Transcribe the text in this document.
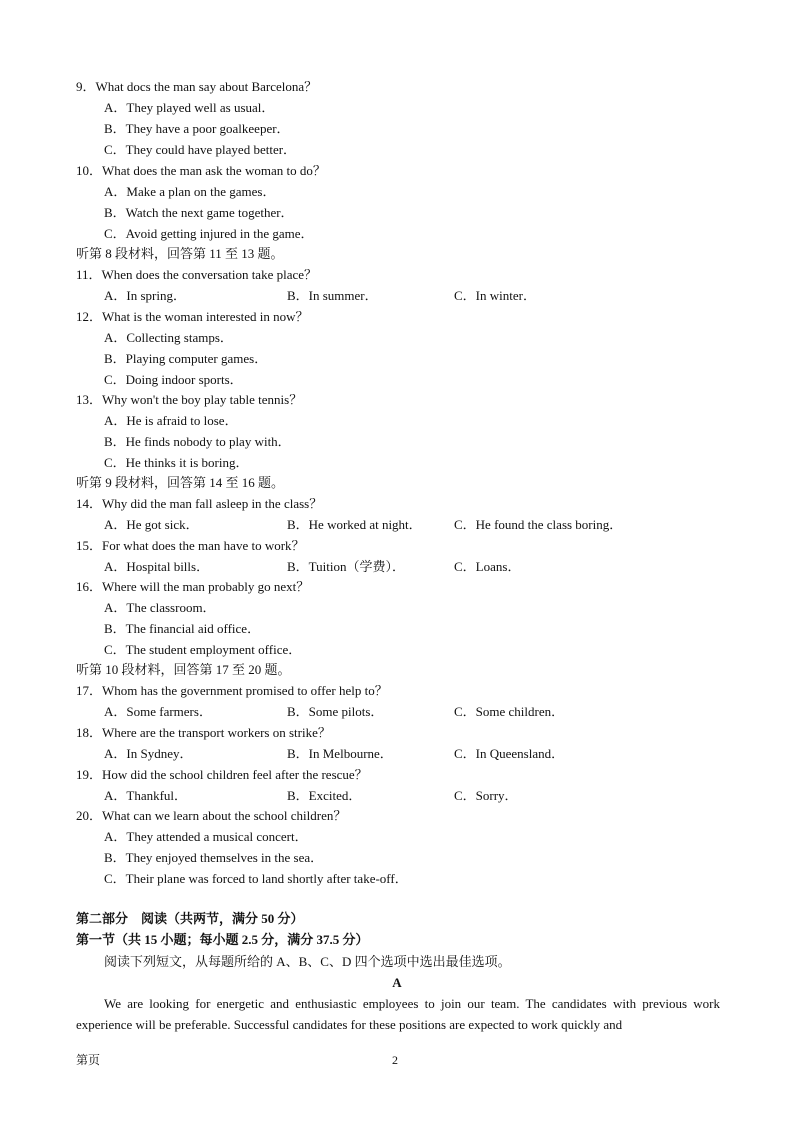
9．What docs the man say about Barcelona？
A．They played well as usual．
B．They have a poor goalkeeper．
C．They could have played better．
10．What does the man ask the woman to do？
A．Make a plan on the games．
B．Watch the next game together．
C．Avoid getting injured in the game．
听第 8 段材料，回答第 11 至 13 题。
11．When does the conversation take place？
A．In spring．	B．In summer．	C．In winter．
12．What is the woman interested in now？
A．Collecting stamps．
B．Playing computer games．
C．Doing indoor sports．
13．Why won't the boy play table tennis？
A．He is afraid to lose．
B．He finds nobody to play with．
C．He thinks it is boring．
听第 9 段材料，回答第 14 至 16 题。
14．Why did the man fall asleep in the class？
A．He got sick．	B．He worked at night． C．He found the class boring．
15．For what does the man have to work？
A．Hospital bills．	B．Tuition（学费）．	C．Loans．
16．Where will the man probably go next？
A．The classroom．
B．The financial aid office．
C．The student employment office．
听第 10 段材料，回答第 17 至 20 题。
17．Whom has the government promised to offer help to？
A．Some farmers．	B．Some pilots．	C．Some children．
18．Where are the transport workers on strike？
A．In Sydney．	B．In Melbourne．	C．In Queensland．
19．How did the school children feel after the rescue？
A．Thankful．	B．Excited．	C．Sorry．
20．What can we learn about the school children？
A．They attended a musical concert．
B．They enjoyed themselves in the sea．
C．Their plane was forced to land shortly after take-off．
第二部分　阅读（共两节，满分 50 分）
第一节（共 15 小题；每小题 2.5 分，满分 37.5 分）
阅读下列短文，从每题所给的 A、B、C、D 四个选项中选出最佳选项。
A
We are looking for energetic and enthusiastic employees to join our team. The candidates with previous work experience will be preferable. Successful candidates for these positions are expected to work quickly and
第页	2
